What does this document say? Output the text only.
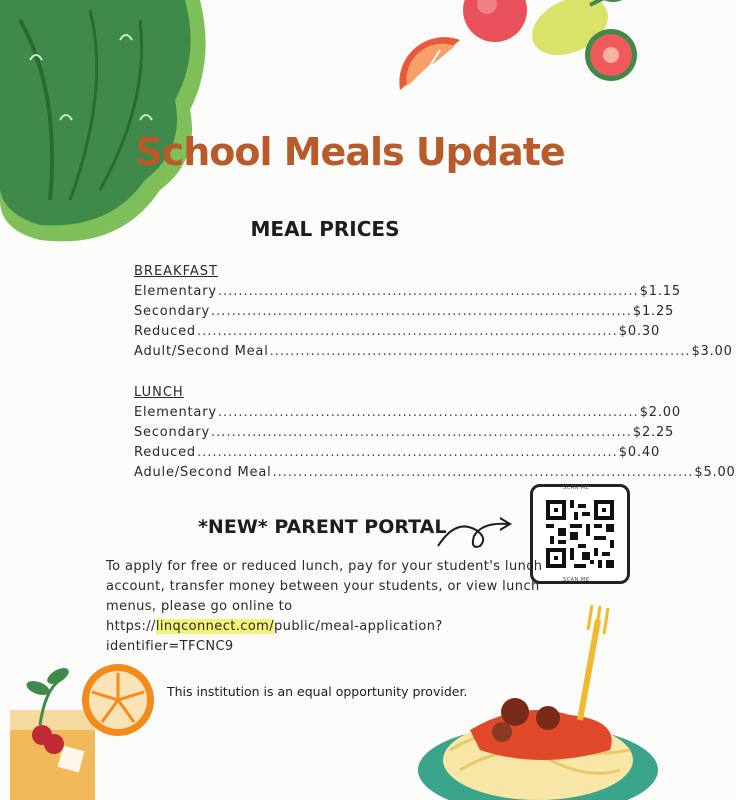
School Meals Update
MEAL PRICES
BREAKFAST
Elementary .................................................................................. $1.15
Secondary .................................................................................. $1.25
Reduced .................................................................................. $0.30
Adult/Second Meal .................................................................................. $3.00
LUNCH
Elementary .................................................................................. $2.00
Secondary .................................................................................. $2.25
Reduced .................................................................................. $0.40
Adule/Second Meal .................................................................................. $5.00
*NEW* PARENT PORTAL
SCAN ME
SCAN ME
To apply for free or reduced lunch, pay for your student's lunch account, transfer money between your students, or view lunch menus, please go online to https://linqconnect.com/public/meal-application?identifier=TFCNC9
This institution is an equal opportunity provider.
